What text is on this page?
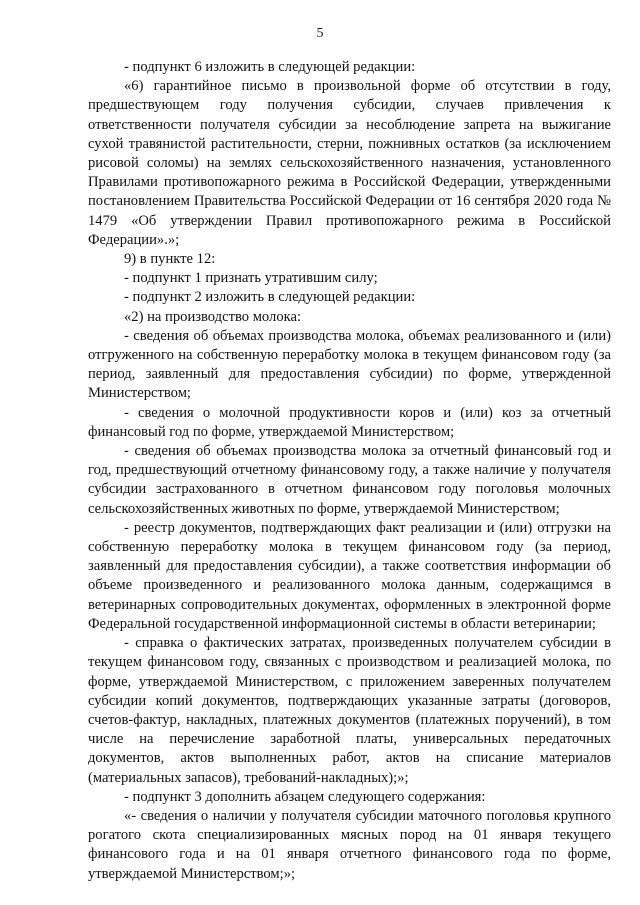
5

- подпункт 6 изложить в следующей редакции:

«6) гарантийное письмо в произвольной форме об отсутствии в году, предшествующем году получения субсидии, случаев привлечения к ответственности получателя субсидии за несоблюдение запрета на выжигание сухой травянистой растительности, стерни, пожнивных остатков (за исключением рисовой соломы) на землях сельскохозяйственного назначения, установленного Правилами противопожарного режима в Российской Федерации, утвержденными постановлением Правительства Российской Федерации от 16 сентября 2020 года № 1479 «Об утверждении Правил противопожарного режима в Российской Федерации».»;

9) в пункте 12:

- подпункт 1 признать утратившим силу;

- подпункт 2 изложить в следующей редакции:

«2) на производство молока:

- сведения об объемах производства молока, объемах реализованного и (или) отгруженного на собственную переработку молока в текущем финансовом году (за период, заявленный для предоставления субсидии) по форме, утвержденной Министерством;

- сведения о молочной продуктивности коров и (или) коз за отчетный финансовый год по форме, утверждаемой Министерством;

- сведения об объемах производства молока за отчетный финансовый год и год, предшествующий отчетному финансовому году, а также наличие у получателя субсидии застрахованного в отчетном финансовом году поголовья молочных сельскохозяйственных животных по форме, утверждаемой Министерством;

- реестр документов, подтверждающих факт реализации и (или) отгрузки на собственную переработку молока в текущем финансовом году (за период, заявленный для предоставления субсидии), а также соответствия информации об объеме произведенного и реализованного молока данным, содержащимся в ветеринарных сопроводительных документах, оформленных в электронной форме Федеральной государственной информационной системы в области ветеринарии;

- справка о фактических затратах, произведенных получателем субсидии в текущем финансовом году, связанных с производством и реализацией молока, по форме, утверждаемой Министерством, с приложением заверенных получателем субсидии копий документов, подтверждающих указанные затраты (договоров, счетов-фактур, накладных, платежных документов (платежных поручений), в том числе на перечисление заработной платы, универсальных передаточных документов, актов выполненных работ, актов на списание материалов (материальных запасов), требований-накладных);»;

- подпункт 3 дополнить абзацем следующего содержания:

«- сведения о наличии у получателя субсидии маточного поголовья крупного рогатого скота специализированных мясных пород на 01 января текущего финансового года и на 01 января отчетного финансового года по форме, утверждаемой Министерством;»;
